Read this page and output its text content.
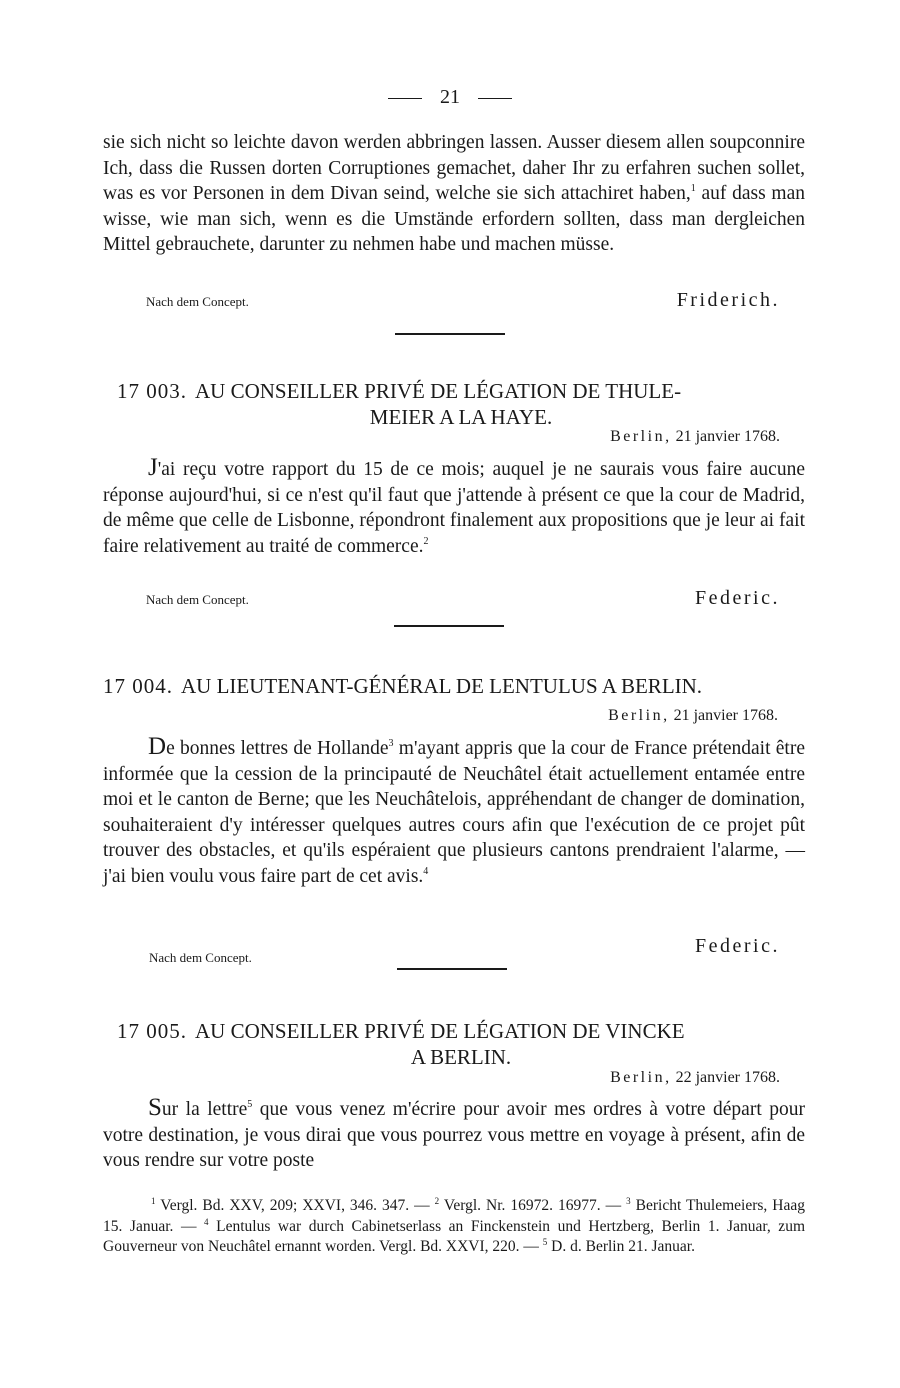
21

sie sich nicht so leichte davon werden abbringen lassen. Ausser diesem allen soupconnire Ich, dass die Russen dorten Corruptiones gemachet, daher Ihr zu erfahren suchen sollet, was es vor Personen in dem Divan seind, welche sie sich attachiret haben,$^1$ auf dass man wisse, wie man sich, wenn es die Umstände erfordern sollten, dass man dergleichen Mittel gebrauchete, darunter zu nehmen habe und machen müsse.

Nach dem Concept.	Friderich.
17 003. AU CONSEILLER PRIVÉ DE LÉGATION DE THULE-
MEIER A LA HAYE.
Berlin, 21 janvier 1768.

J'ai reçu votre rapport du 15 de ce mois; auquel je ne saurais vous faire aucune réponse aujourd'hui, si ce n'est qu'il faut que j'attende à présent ce que la cour de Madrid, de même que celle de Lisbonne, répondront finalement aux propositions que je leur ai fait faire relativement au traité de commerce.$^2$

Nach dem Concept.	Federic.
17 004. AU LIEUTENANT-GÉNÉRAL DE LENTULUS A BERLIN.
Berlin, 21 janvier 1768.

De bonnes lettres de Hollande$^3$ m'ayant appris que la cour de France prétendait être informée que la cession de la principauté de Neuchâtel était actuellement entamée entre moi et le canton de Berne; que les Neuchâtelois, appréhendant de changer de domination, souhaiteraient d'y intéresser quelques autres cours afin que l'exécution de ce projet pût trouver des obstacles, et qu'ils espéraient que plusieurs cantons prendraient l'alarme, — j'ai bien voulu vous faire part de cet avis.$^4$

Nach dem Concept.
Federic.
17 005. AU CONSEILLER PRIVÉ DE LÉGATION DE VINCKE
A BERLIN.
Berlin, 22 janvier 1768.

Sur la lettre$^5$ que vous venez m'écrire pour avoir mes ordres à votre départ pour votre destination, je vous dirai que vous pourrez vous mettre en voyage à présent, afin de vous rendre sur votre poste

$^1$ Vergl. Bd. XXV, 209; XXVI, 346. 347. — $^2$ Vergl. Nr. 16972. 16977. — $^3$ Bericht Thulemeiers, Haag 15. Januar. — $^4$ Lentulus war durch Cabinetserlass an Finckenstein und Hertzberg, Berlin 1. Januar, zum Gouverneur von Neuchâtel ernannt worden. Vergl. Bd. XXVI, 220. — $^5$ D. d. Berlin 21. Januar.
